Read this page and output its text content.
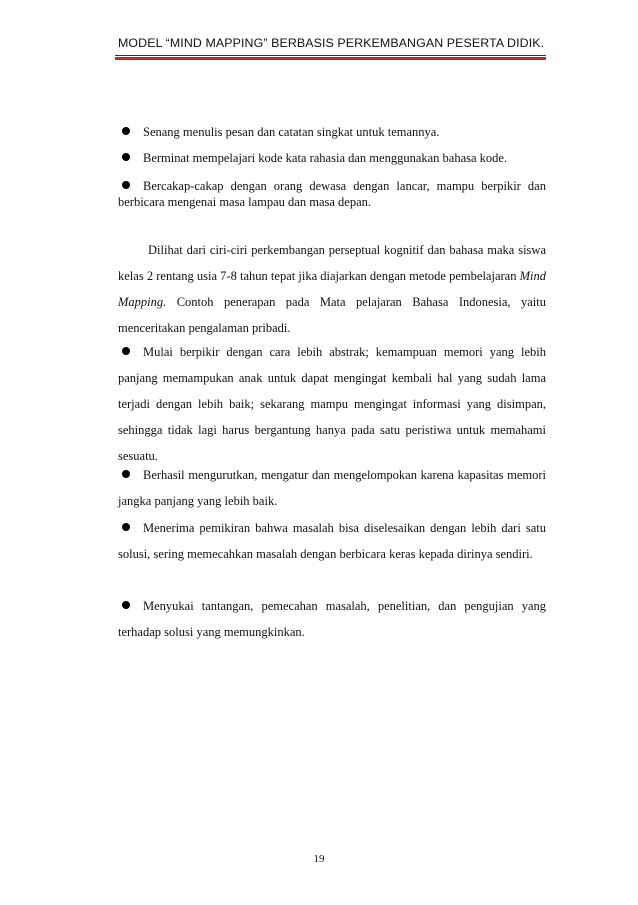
MODEL “MIND MAPPING” BERBASIS PERKEMBANGAN PESERTA DIDIK.
Senang menulis pesan dan catatan singkat untuk temannya.
Berminat mempelajari kode kata rahasia dan menggunakan bahasa kode.
Bercakap-cakap dengan orang dewasa dengan lancar, mampu berpikir dan berbicara mengenai masa lampau dan masa depan.
Dilihat dari ciri-ciri perkembangan perseptual kognitif dan bahasa maka siswa kelas 2 rentang usia 7-8 tahun tepat jika diajarkan dengan metode pembelajaran Mind Mapping. Contoh penerapan pada Mata pelajaran Bahasa Indonesia, yaitu menceritakan pengalaman pribadi.
Mulai berpikir dengan cara lebih abstrak; kemampuan memori yang lebih panjang memampukan anak untuk dapat mengingat kembali hal yang sudah lama terjadi dengan lebih baik; sekarang mampu mengingat informasi yang disimpan, sehingga tidak lagi harus bergantung hanya pada satu peristiwa untuk memahami sesuatu.
Berhasil mengurutkan, mengatur dan mengelompokan karena kapasitas memori jangka panjang yang lebih baik.
Menerima pemikiran bahwa masalah bisa diselesaikan dengan lebih dari satu solusi, sering memecahkan masalah dengan berbicara keras kepada dirinya sendiri.
Menyukai tantangan, pemecahan masalah, penelitian, dan pengujian yang terhadap solusi yang memungkinkan.
19
